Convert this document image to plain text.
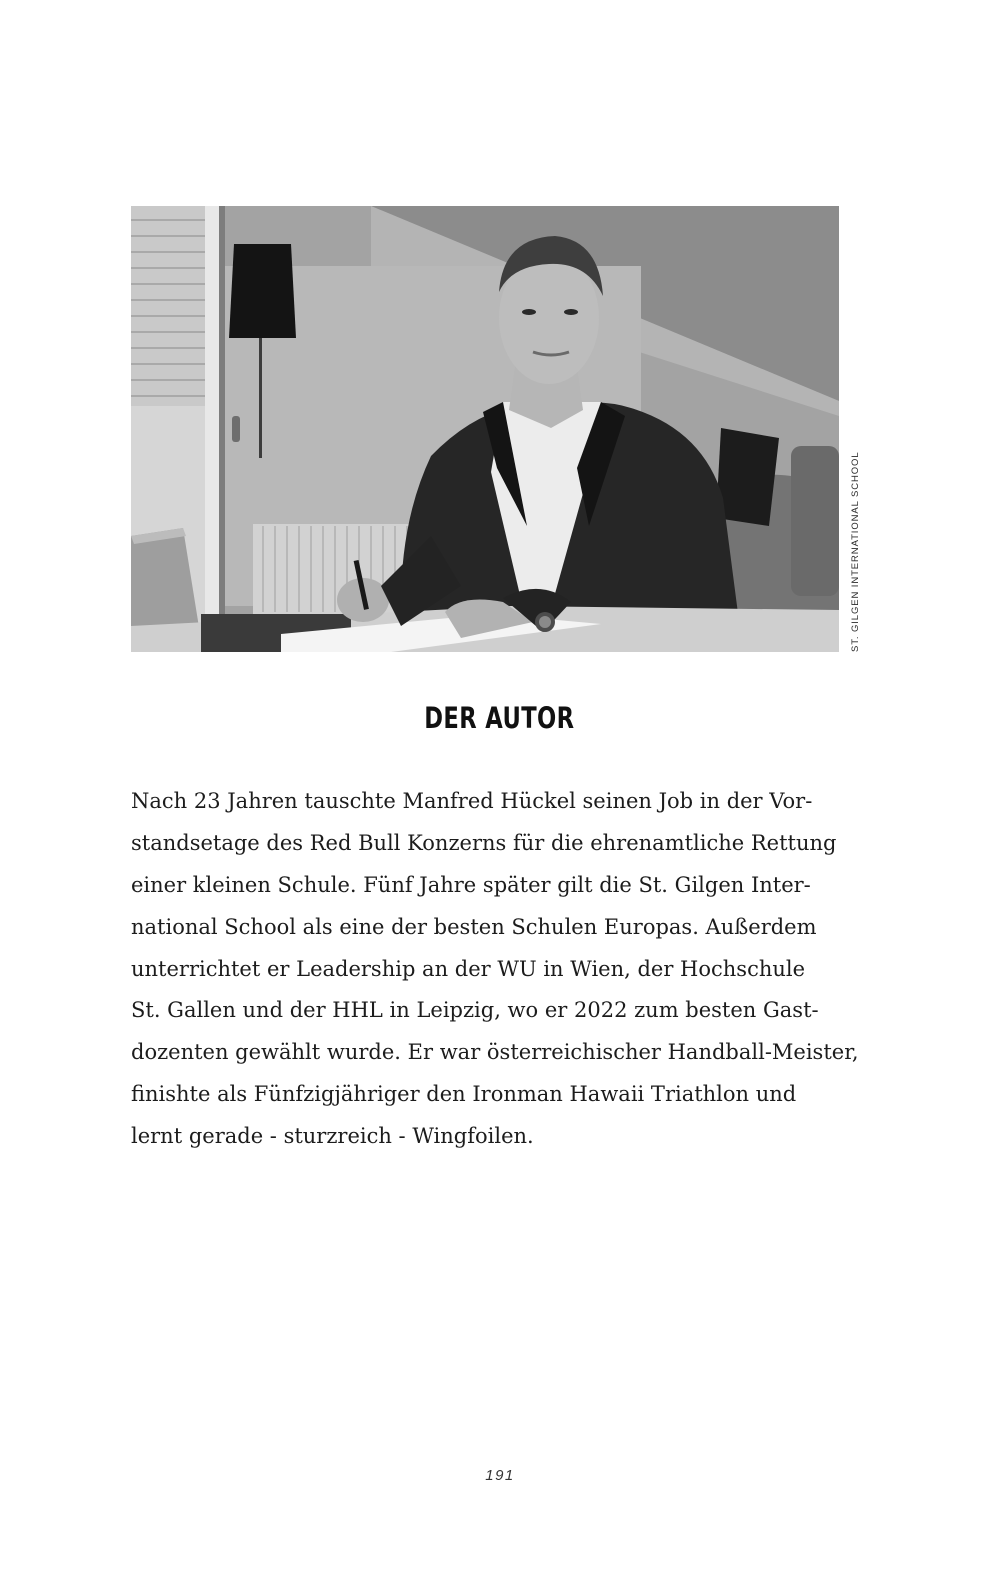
ST. GILGEN INTERNATIONAL SCHOOL
DER AUTOR
Nach 23 Jahren tauschte Manfred Hückel seinen Job in der Vor-
standsetage des Red Bull Konzerns für die ehrenamtliche Rettung
einer kleinen Schule. Fünf Jahre später gilt die St. Gilgen Inter-
national School als eine der besten Schulen Europas. Außerdem
unterrichtet er Leadership an der WU in Wien, der Hochschule
St. Gallen und der HHL in Leipzig, wo er 2022 zum besten Gast-
dozenten gewählt wurde. Er war österreichischer Handball-Meister,
finishte als Fünfzigjähriger den Ironman Hawaii Triathlon und
lernt gerade - sturzreich - Wingfoilen.
191
